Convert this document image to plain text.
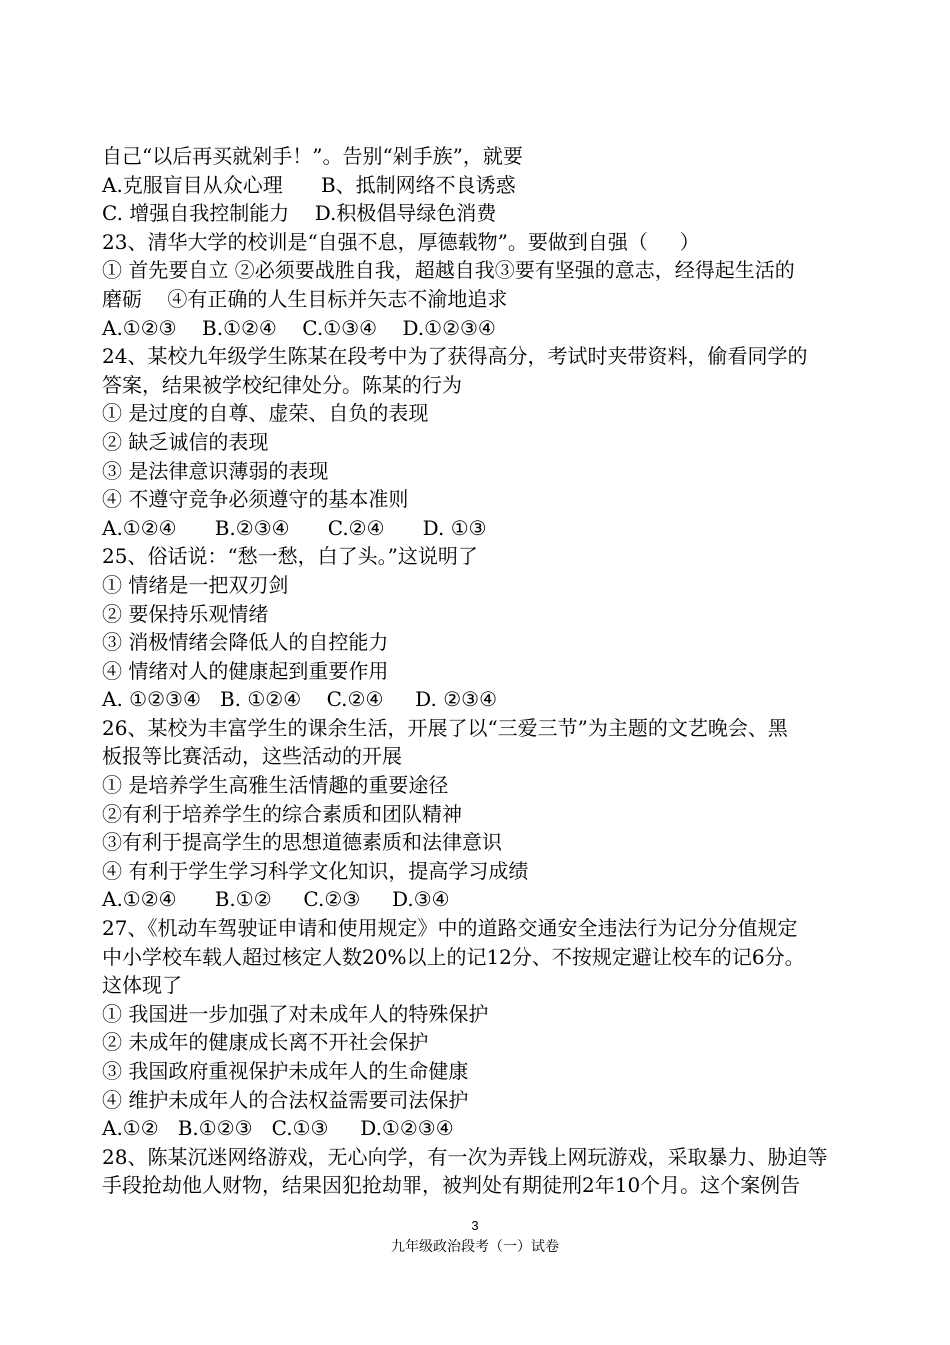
自己“以后再买就剁手！”。告别“剁手族”，就要
A.克服盲目从众心理      B、抵制网络不良诱惑
C. 增强自我控制能力    D.积极倡导绿色消费
23、清华大学的校训是“自强不息，厚德载物”。要做到自强（     ）
① 首先要自立 ②必须要战胜自我，超越自我③要有坚强的意志，经得起生活的
磨砺    ④有正确的人生目标并矢志不渝地追求
A.①②③    B.①②④    C.①③④    D.①②③④
24、某校九年级学生陈某在段考中为了获得高分，考试时夹带资料，偷看同学的
答案，结果被学校纪律处分。陈某的行为
① 是过度的自尊、虚荣、自负的表现
② 缺乏诚信的表现
③ 是法律意识薄弱的表现
④ 不遵守竞争必须遵守的基本准则
A.①②④      B.②③④      C.②④      D. ①③
25、俗话说：“愁一愁，白了头。”这说明了
① 情绪是一把双刃剑
② 要保持乐观情绪
③ 消极情绪会降低人的自控能力
④ 情绪对人的健康起到重要作用
A. ①②③④   B. ①②④    C.②④     D. ②③④
26、某校为丰富学生的课余生活，开展了以“三爱三节”为主题的文艺晚会、黑
板报等比赛活动，这些活动的开展
① 是培养学生高雅生活情趣的重要途径
②有利于培养学生的综合素质和团队精神
③有利于提高学生的思想道德素质和法律意识
④ 有利于学生学习科学文化知识，提高学习成绩
A.①②④      B.①②     C.②③     D.③④
27、《机动车驾驶证申请和使用规定》中的道路交通安全违法行为记分分值规定
中小学校车载人超过核定人数20%以上的记12分、不按规定避让校车的记6分。
这体现了
① 我国进一步加强了对未成年人的特殊保护
② 未成年的健康成长离不开社会保护
③ 我国政府重视保护未成年人的生命健康
④ 维护未成年人的合法权益需要司法保护
A.①②   B.①②③   C.①③     D.①②③④
28、陈某沉迷网络游戏，无心向学，有一次为弄钱上网玩游戏，采取暴力、胁迫等
手段抢劫他人财物，结果因犯抢劫罪，被判处有期徒刑2年10个月。这个案例告
3
九年级政治段考（一）试卷
